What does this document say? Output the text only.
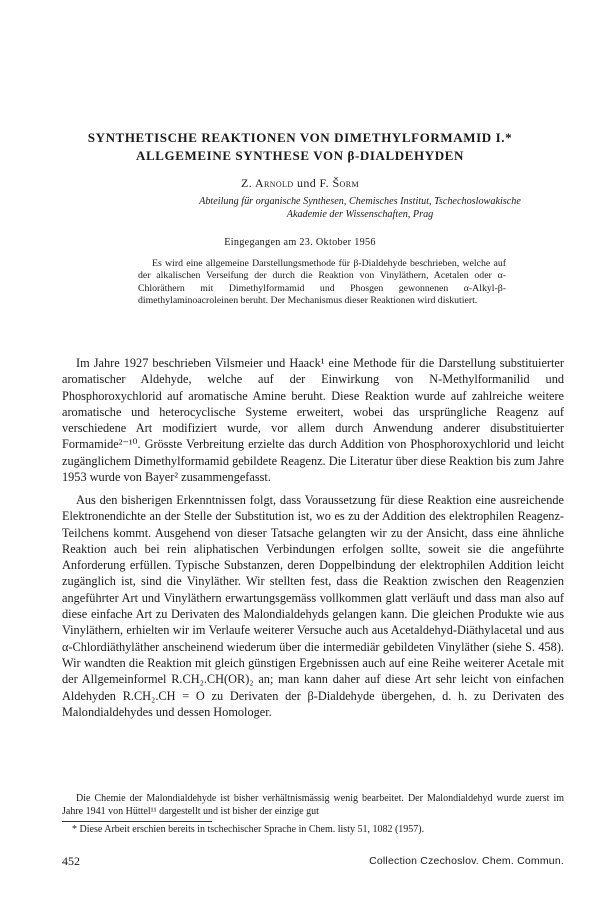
SYNTHETISCHE REAKTIONEN VON DIMETHYLFORMAMID I.*
ALLGEMEINE SYNTHESE VON β-DIALDEHYDEN

Z. Arnold und F. Šorm

Abteilung für organische Synthesen, Chemisches Institut, Tschechoslowakische Akademie der Wissenschaften, Prag

Eingegangen am 23. Oktober 1956

Es wird eine allgemeine Darstellungsmethode für β-Dialdehyde beschrieben, welche auf der alkalischen Verseifung der durch die Reaktion von Vinyläthern, Acetalen oder α-Chloräthern mit Dimethylformamid und Phosgen gewonnenen α-Alkyl-β-dimethylaminoacroleinen beruht. Der Mechanismus dieser Reaktionen wird diskutiert.

Im Jahre 1927 beschrieben Vilsmeier und Haack¹ eine Methode für die Darstellung substituierter aromatischer Aldehyde, welche auf der Einwirkung von N-Methylformanilid und Phosphoroxychlorid auf aromatische Amine beruht. Diese Reaktion wurde auf zahlreiche weitere aromatische und heterocyclische Systeme erweitert, wobei das ursprüngliche Reagenz auf verschiedene Art modifiziert wurde, vor allem durch Anwendung anderer disubstituierter Formamide²⁻¹⁰. Grösste Verbreitung erzielte das durch Addition von Phosphoroxychlorid und leicht zugänglichem Dimethylformamid gebildete Reagenz. Die Literatur über diese Reaktion bis zum Jahre 1953 wurde von Bayer² zusammengefasst.

Aus den bisherigen Erkenntnissen folgt, dass Voraussetzung für diese Reaktion eine ausreichende Elektronendichte an der Stelle der Substitution ist, wo es zu der Addition des elektrophilen Reagenz-Teilchens kommt. Ausgehend von dieser Tatsache gelangten wir zu der Ansicht, dass eine ähnliche Reaktion auch bei rein aliphatischen Verbindungen erfolgen sollte, soweit sie die angeführte Anforderung erfüllen. Typische Substanzen, deren Doppelbindung der elektrophilen Addition leicht zugänglich ist, sind die Vinyläther. Wir stellten fest, dass die Reaktion zwischen den Reagenzien angeführter Art und Vinyläthern erwartungsgemäss vollkommen glatt verläuft und dass man also auf diese einfache Art zu Derivaten des Malondialdehyds gelangen kann. Die gleichen Produkte wie aus Vinyläthern, erhielten wir im Verlaufe weiterer Versuche auch aus Acetaldehyd-Diäthylacetal und aus α-Chlordiäthyläther anscheinend wiederum über die intermediär gebildeten Vinyläther (siehe S. 458). Wir wandten die Reaktion mit gleich günstigen Ergebnissen auch auf eine Reihe weiterer Acetale mit der Allgemeinformel R.CH₂.CH(OR)₂ an; man kann daher auf diese Art sehr leicht von einfachen Aldehyden R.CH₂.CH = O zu Derivaten der β-Dialdehyde übergehen, d. h. zu Derivaten des Malondialdehydes und dessen Homologer.

Die Chemie der Malondialdehyde ist bisher verhältnismässig wenig bearbeitet. Der Malondialdehyd wurde zuerst im Jahre 1941 von Hüttel¹¹ dargestellt und ist bisher der einzige gut

* Diese Arbeit erschien bereits in tschechischer Sprache in Chem. listy 51, 1082 (1957).

452	Collection Czechoslov. Chem. Commun.
